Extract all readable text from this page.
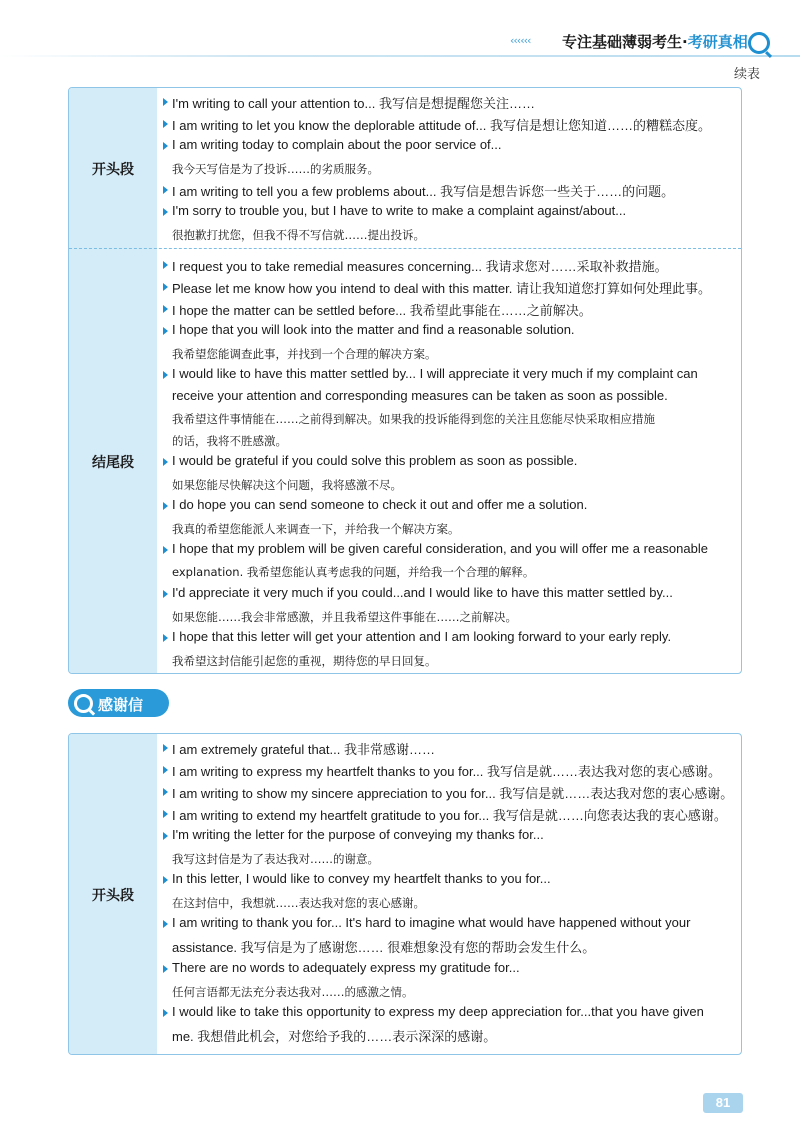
‹‹‹‹‹‹ 专注基础薄弱考生·考研真相
续表
开头段
结尾段
I'm writing to call your attention to... 我写信是想提醒您关注……
I am writing to let you know the deplorable attitude of... 我写信是想让您知道……的糟糕态度。
I am writing today to complain about the poor service of...
我今天写信是为了投诉……的劣质服务。
I am writing to tell you a few problems about... 我写信是想告诉您一些关于……的问题。
I'm sorry to trouble you, but I have to write to make a complaint against/about...
很抱歉打扰您，但我不得不写信就……提出投诉。
I request you to take remedial measures concerning... 我请求您对……采取补救措施。
Please let me know how you intend to deal with this matter. 请让我知道您打算如何处理此事。
I hope the matter can be settled before... 我希望此事能在……之前解决。
I hope that you will look into the matter and find a reasonable solution.
我希望您能调查此事，并找到一个合理的解决方案。
I would like to have this matter settled by... I will appreciate it very much if my complaint can
receive your attention and corresponding measures can be taken as soon as possible.
我希望这件事情能在……之前得到解决。如果我的投诉能得到您的关注且您能尽快采取相应措施
的话，我将不胜感激。
I would be grateful if you could solve this problem as soon as possible.
如果您能尽快解决这个问题，我将感激不尽。
I do hope you can send someone to check it out and offer me a solution.
我真的希望您能派人来调查一下，并给我一个解决方案。
I hope that my problem will be given careful consideration, and you will offer me a reasonable
explanation. 我希望您能认真考虑我的问题，并给我一个合理的解释。
I'd appreciate it very much if you could...and I would like to have this matter settled by...
如果您能……我会非常感激，并且我希望这件事能在……之前解决。
I hope that this letter will get your attention and I am looking forward to your early reply.
我希望这封信能引起您的重视，期待您的早日回复。
感谢信
开头段
I am extremely grateful that... 我非常感谢……
I am writing to express my heartfelt thanks to you for... 我写信是就……表达我对您的衷心感谢。
I am writing to show my sincere appreciation to you for... 我写信是就……表达我对您的衷心感谢。
I am writing to extend my heartfelt gratitude to you for... 我写信是就……向您表达我的衷心感谢。
I'm writing the letter for the purpose of conveying my thanks for...
我写这封信是为了表达我对……的谢意。
In this letter, I would like to convey my heartfelt thanks to you for...
在这封信中，我想就……表达我对您的衷心感谢。
I am writing to thank you for... It's hard to imagine what would have happened without your
assistance. 我写信是为了感谢您…… 很难想象没有您的帮助会发生什么。
There are no words to adequately express my gratitude for...
任何言语都无法充分表达我对……的感激之情。
I would like to take this opportunity to express my deep appreciation for...that you have given
me. 我想借此机会，对您给予我的……表示深深的感谢。
81
